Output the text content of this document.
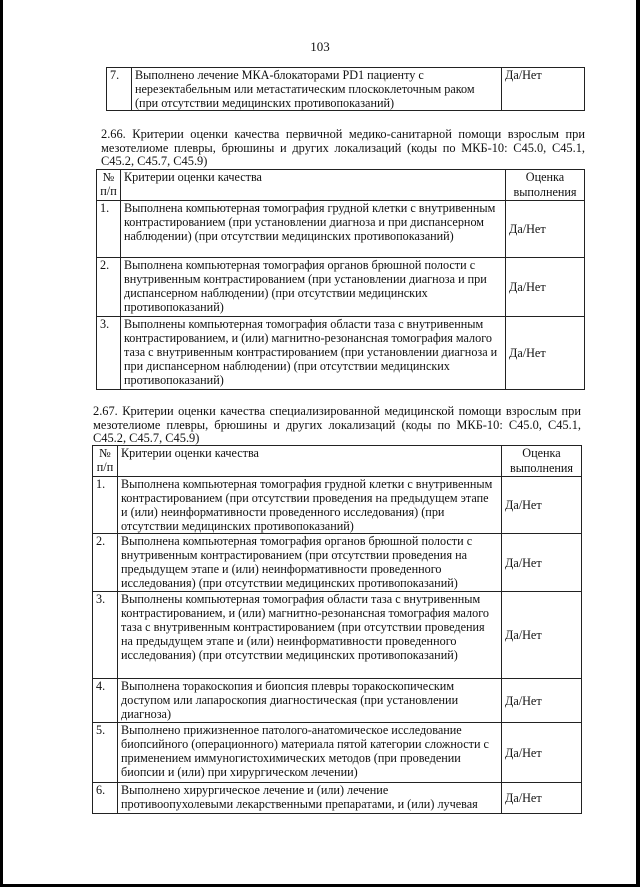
103
7.	Выполнено лечение МКА-блокаторами PD1 пациенту с нерезектабельным или метастатическим плоскоклеточным раком (при отсутствии медицинских противопоказаний)	Да/Нет
2.66. Критерии оценки качества первичной медико-санитарной помощи взрослым при мезотелиоме плевры, брюшины и других локализаций (коды по МКБ-10: C45.0, C45.1, C45.2, C45.7, C45.9)
№ п/п	Критерии оценки качества	Оценка выполнения
1.	Выполнена компьютерная томография грудной клетки с внутривенным контрастированием (при установлении диагноза и при диспансерном наблюдении) (при отсутствии медицинских противопоказаний)	Да/Нет
2.	Выполнена компьютерная томография органов брюшной полости с внутривенным контрастированием (при установлении диагноза и при диспансерном наблюдении) (при отсутствии медицинских противопоказаний)	Да/Нет
3.	Выполнены компьютерная томография области таза с внутривенным контрастированием, и (или) магнитно-резонансная томография малого таза с внутривенным контрастированием (при установлении диагноза и при диспансерном наблюдении) (при отсутствии медицинских противопоказаний)	Да/Нет
2.67. Критерии оценки качества специализированной медицинской помощи взрослым при мезотелиоме плевры, брюшины и других локализаций (коды по МКБ-10: C45.0, C45.1, C45.2, C45.7, C45.9)
№ п/п	Критерии оценки качества	Оценка выполнения
1.	Выполнена компьютерная томография грудной клетки с внутривенным контрастированием (при отсутствии проведения на предыдущем этапе и (или) неинформативности проведенного исследования) (при отсутствии медицинских противопоказаний)	Да/Нет
2.	Выполнена компьютерная томография органов брюшной полости с внутривенным контрастированием (при отсутствии проведения на предыдущем этапе и (или) неинформативности проведенного исследования) (при отсутствии медицинских противопоказаний)	Да/Нет
3.	Выполнены компьютерная томография области таза с внутривенным контрастированием, и (или) магнитно-резонансная томография малого таза с внутривенным контрастированием (при отсутствии проведения на предыдущем этапе и (или) неинформативности проведенного исследования) (при отсутствии медицинских противопоказаний)	Да/Нет
4.	Выполнена торакоскопия и биопсия плевры торакоскопическим доступом или лапароскопия диагностическая (при установлении диагноза)	Да/Нет
5.	Выполнено прижизненное патолого-анатомическое исследование биопсийного (операционного) материала пятой категории сложности с применением иммуногистохимических методов (при проведении биопсии и (или) при хирургическом лечении)	Да/Нет
6.	Выполнено хирургическое лечение и (или) лечение противоопухолевыми лекарственными препаратами, и (или) лучевая	Да/Нет
